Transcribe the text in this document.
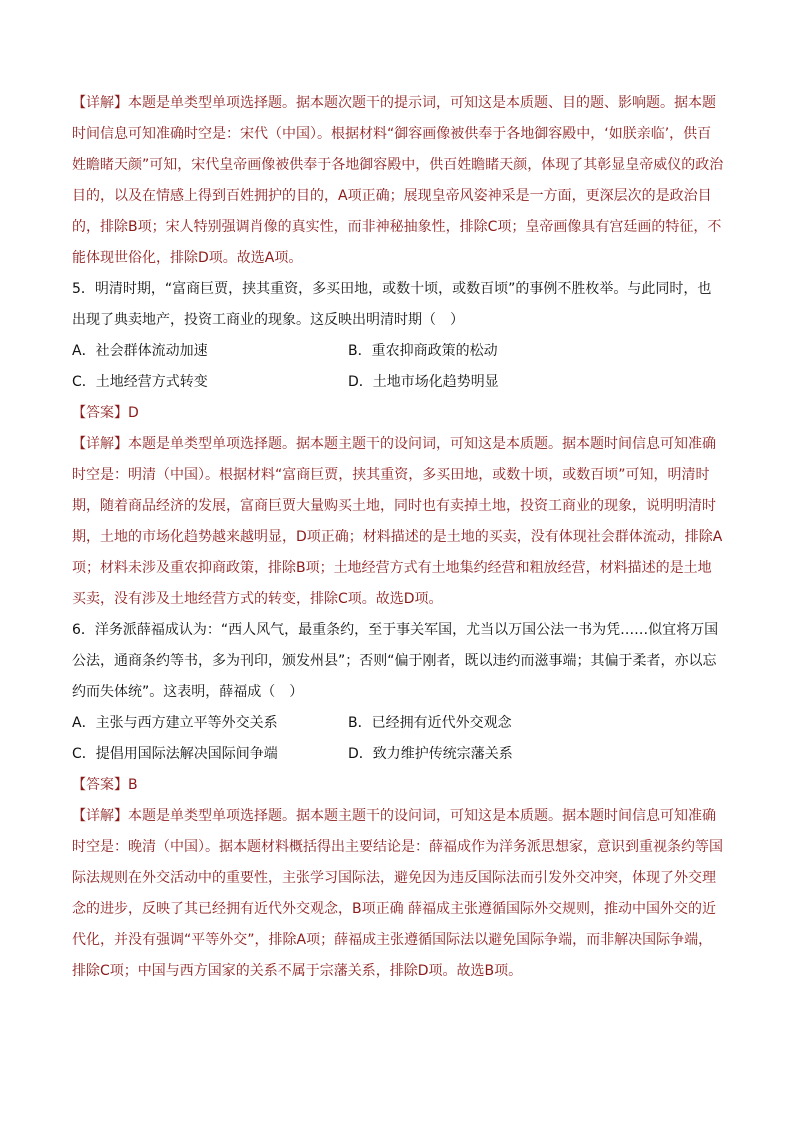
【详解】本题是单类型单项选择题。据本题次题干的提示词，可知这是本质题、目的题、影响题。据本题时间信息可知准确时空是：宋代（中国）。根据材料“御容画像被供奉于各地御容殿中，‘如朕亲临’，供百姓瞻睹天颜”可知，宋代皇帝画像被供奉于各地御容殿中，供百姓瞻睹天颜，体现了其彰显皇帝威仪的政治目的，以及在情感上得到百姓拥护的目的，A项正确；展现皇帝风姿神采是一方面，更深层次的是政治目的，排除B项；宋人特别强调肖像的真实性，而非神秘抽象性，排除C项；皇帝画像具有宫廷画的特征，不能体现世俗化，排除D项。故选A项。

5．明清时期，“富商巨贾，挟其重资，多买田地，或数十顷，或数百顷”的事例不胜枚举。与此同时，也出现了典卖地产，投资工商业的现象。这反映出明清时期（　）

A．社会群体流动加速	B．重农抑商政策的松动
C．土地经营方式转变	D．土地市场化趋势明显

【答案】D

【详解】本题是单类型单项选择题。据本题主题干的设问词，可知这是本质题。据本题时间信息可知准确时空是：明清（中国）。根据材料“富商巨贾，挟其重资，多买田地，或数十顷，或数百顷”可知，明清时期，随着商品经济的发展，富商巨贾大量购买土地，同时也有卖掉土地，投资工商业的现象，说明明清时期，土地的市场化趋势越来越明显，D项正确；材料描述的是土地的买卖，没有体现社会群体流动，排除A项；材料未涉及重农抑商政策，排除B项；土地经营方式有土地集约经营和粗放经营，材料描述的是土地买卖，没有涉及土地经营方式的转变，排除C项。故选D项。

6．洋务派薛福成认为：“西人风气，最重条约，至于事关军国，尤当以万国公法一书为凭……似宜将万国公法，通商条约等书，多为刊印，颁发州县”；否则“偏于刚者，既以违约而滋事端；其偏于柔者，亦以忘约而失体统”。这表明，薛福成（　）

A．主张与西方建立平等外交关系	B．已经拥有近代外交观念
C．提倡用国际法解决国际间争端	D．致力维护传统宗藩关系

【答案】B

【详解】本题是单类型单项选择题。据本题主题干的设问词，可知这是本质题。据本题时间信息可知准确时空是：晚清（中国）。据本题材料概括得出主要结论是：薛福成作为洋务派思想家，意识到重视条约等国际法规则在外交活动中的重要性，主张学习国际法，避免因为违反国际法而引发外交冲突，体现了外交理念的进步，反映了其已经拥有近代外交观念，B项正确 薛福成主张遵循国际外交规则，推动中国外交的近代化，并没有强调“平等外交”，排除A项；薛福成主张遵循国际法以避免国际争端，而非解决国际争端，排除C项；中国与西方国家的关系不属于宗藩关系，排除D项。故选B项。
